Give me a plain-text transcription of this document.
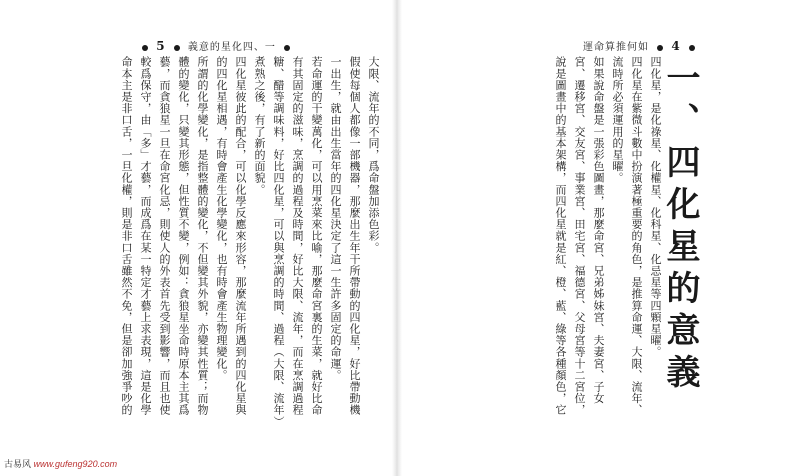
5 義意的星化四、一
大限、流年的不同，爲命盤加添色彩。
假使每個人都像一部機器，那麼出生年干所帶動的四化星，好比帶動機
一出生，就由出生當年的四化星決定了這一生許多固定的命運。
若命運的干變萬化，可以用烹菜來比喻，那麼命宮裏的生菜，就好比命
有其固定的滋味，烹調的過程及時間，好比大限、流年，而在烹調過程
糖、醋等調味料，好比四化星，可以與烹調的時間、過程（大限、流年）
煮熟之後，有了新的面貌。
四化星彼此的配合，可以化學反應來形容，那麼流年所遇到的四化星與
的四化星相遇，有時會產生化學變化，也有時會產生物理變化。
所謂的化學變化，是指整體的變化，不但變其外貌，亦變其性質；而物
體的變化，只變其形態，但性質不變，例如：貪狼星坐命時原本主其爲
藝，而貪狼星一旦在命宮化忌，則使人的外表首先受到影響，而且也使
較爲保守，由「多」才藝，而成爲在某一特定才藝上求表現，這是化學
命本主是非口舌，一旦化權，則是非口舌雖然不免，但是卻加強爭吵的
運命算推何如 4
四化星，是化祿星、化權星、化科星、化忌星等四顆星曜。
四化星在紫微斗數中扮演著極重要的角色，是推算命運、大限、流年、
流時所必須運用的星曜。
如果說命盤是一張彩色圖畫，那麼命宮、兄弟姊妹宮、夫妻宮、子女
宮、遷移宮、交友宮、事業宮、田宅宮、福德宮、父母宮等十二宮位，
說是圖畫中的基本架構，而四化星就是紅、橙、藍、綠等各種顏色，它
一、四化星的意義
古易风 www.gufeng920.com
